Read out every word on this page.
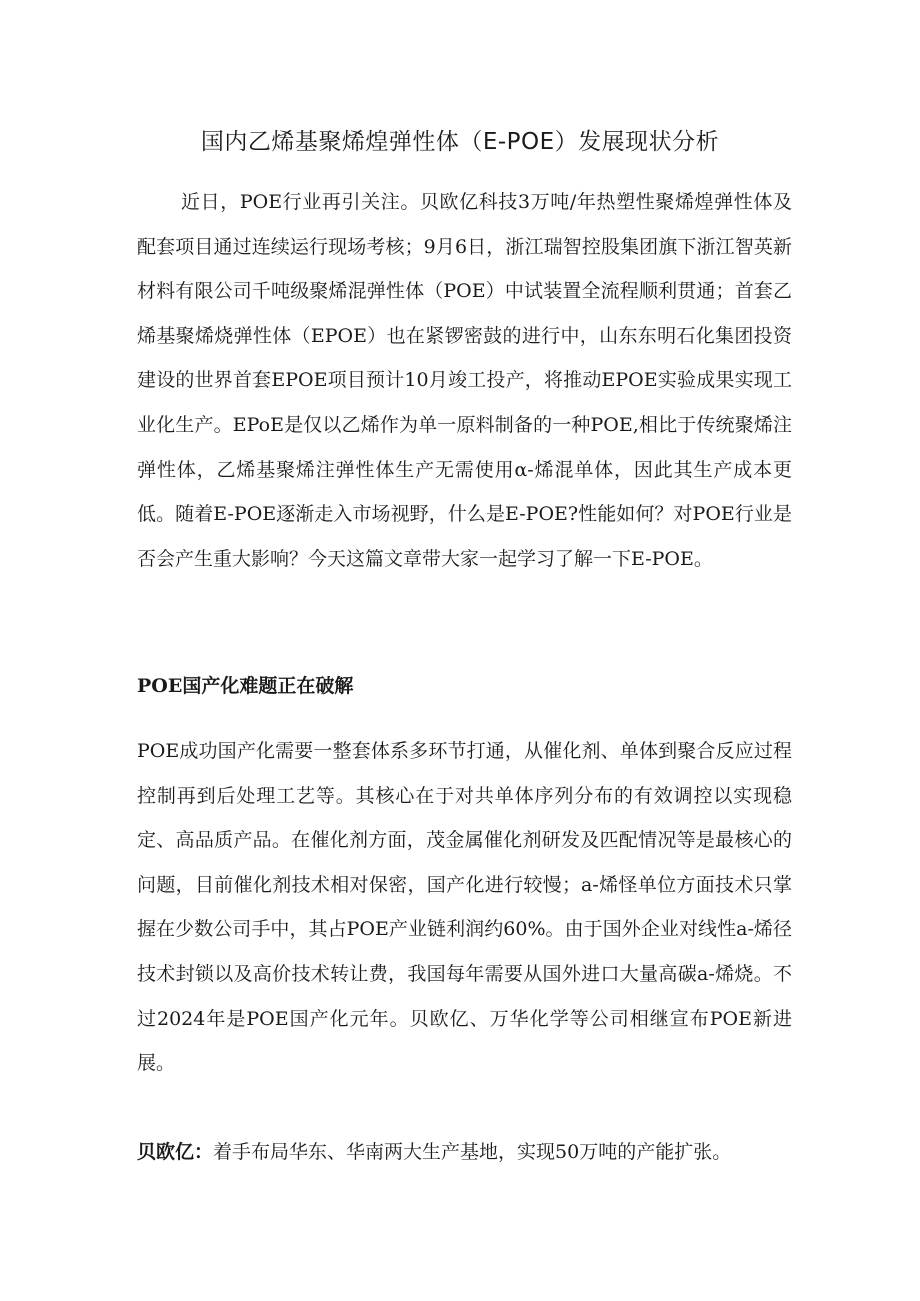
国内乙烯基聚烯煌弹性体（E-POE）发展现状分析

近日，POE行业再引关注。贝欧亿科技3万吨/年热塑性聚烯煌弹性体及配套项目通过连续运行现场考核；9月6日，浙江瑞智控股集团旗下浙江智英新材料有限公司千吨级聚烯混弹性体（POE）中试装置全流程顺利贯通；首套乙烯基聚烯烧弹性体（EPOE）也在紧锣密鼓的进行中，山东东明石化集团投资建设的世界首套EPOE项目预计10月竣工投产，将推动EPOE实验成果实现工业化生产。EPoE是仅以乙烯作为单一原料制备的一种POE,相比于传统聚烯注弹性体，乙烯基聚烯注弹性体生产无需使用α-烯混单体，因此其生产成本更低。随着E-POE逐渐走入市场视野，什么是E-POE?性能如何？对POE行业是否会产生重大影响？今天这篇文章带大家一起学习了解一下E-POE。

POE国产化难题正在破解

POE成功国产化需要一整套体系多环节打通，从催化剂、单体到聚合反应过程控制再到后处理工艺等。其核心在于对共单体序列分布的有效调控以实现稳定、高品质产品。在催化剂方面，茂金属催化剂研发及匹配情况等是最核心的问题，目前催化剂技术相对保密，国产化进行较慢；a-烯怪单位方面技术只掌握在少数公司手中，其占POE产业链利润约60%。由于国外企业对线性a-烯径技术封锁以及高价技术转让费，我国每年需要从国外进口大量高碳a-烯烧。不过2024年是POE国产化元年。贝欧亿、万华化学等公司相继宣布POE新进展。

贝欧亿：着手布局华东、华南两大生产基地，实现50万吨的产能扩张。
